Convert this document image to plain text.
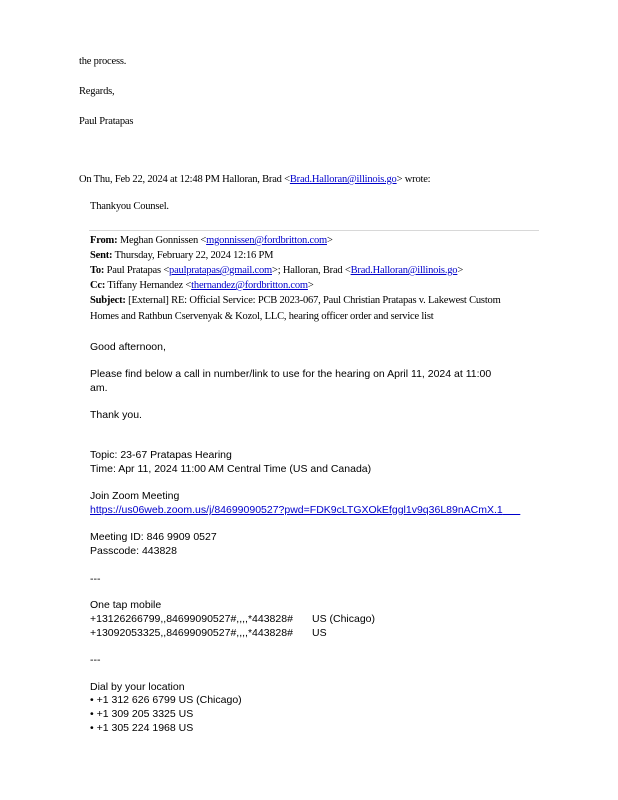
the process.
Regards,
Paul Pratapas
On Thu, Feb 22, 2024 at 12:48 PM Halloran, Brad <Brad.Halloran@illinois.go> wrote:
Thankyou Counsel.
From: Meghan Gonnissen <mgonnissen@fordbritton.com>
Sent: Thursday, February 22, 2024 12:16 PM
To: Paul Pratapas <paulpratapas@gmail.com>; Halloran, Brad <Brad.Halloran@illinois.go>
Cc: Tiffany Hernandez <thernandez@fordbritton.com>
Subject: [External] RE: Official Service: PCB 2023-067, Paul Christian Pratapas v. Lakewest Custom
Homes and Rathbun Cservenyak & Kozol, LLC, hearing officer order and service list
Good afternoon,
Please find below a call in number/link to use for the hearing on April 11, 2024 at 11:00
am.
Thank you.
Topic: 23-67 Pratapas Hearing
Time: Apr 11, 2024 11:00 AM Central Time (US and Canada)
Join Zoom Meeting
https://us06web.zoom.us/j/84699090527?pwd=FDK9cLTGXOkEfggl1v9q36L89nACmX.1
Meeting ID: 846 9909 0527
Passcode: 443828
---
One tap mobile
+13126266799,,84699090527#,,,,*443828# US (Chicago)
+13092053325,,84699090527#,,,,*443828# US
---
Dial by your location
• +1 312 626 6799 US (Chicago)
• +1 309 205 3325 US
• +1 305 224 1968 US
